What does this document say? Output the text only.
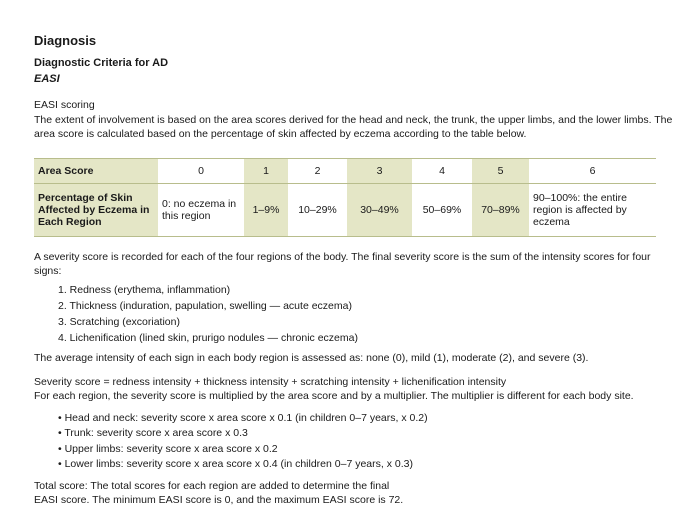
Diagnosis
Diagnostic Criteria for AD
EASI

EASI scoring

The extent of involvement is based on the area scores derived for the head and neck, the trunk, the upper limbs, and the lower limbs. The area score is calculated based on the percentage of skin affected by eczema according to the table below.

Area Score	0	1	2	3	4	5	6
Percentage of Skin Affected by Eczema in Each Region	0: no eczema in this region	1–9%	10–29%	30–49%	50–69%	70–89%	90–100%: the entire region is affected by eczema

A severity score is recorded for each of the four regions of the body. The final severity score is the sum of the intensity scores for four signs:

1. Redness (erythema, inflammation)
2. Thickness (induration, papulation, swelling — acute eczema)
3. Scratching (excoriation)
4. Lichenification (lined skin, prurigo nodules — chronic eczema)

The average intensity of each sign in each body region is assessed as: none (0), mild (1), moderate (2), and severe (3).

Severity score = redness intensity + thickness intensity + scratching intensity + lichenification intensity

For each region, the severity score is multiplied by the area score and by a multiplier. The multiplier is different for each body site.

• Head and neck: severity score x area score x 0.1 (in children 0–7 years, x 0.2)
• Trunk: severity score x area score x 0.3
• Upper limbs: severity score x area score x 0.2
• Lower limbs: severity score x area score x 0.4 (in children 0–7 years, x 0.3)
Total score: The total scores for each region are added to determine the final
EASI score. The minimum EASI score is 0, and the maximum EASI score is 72.
